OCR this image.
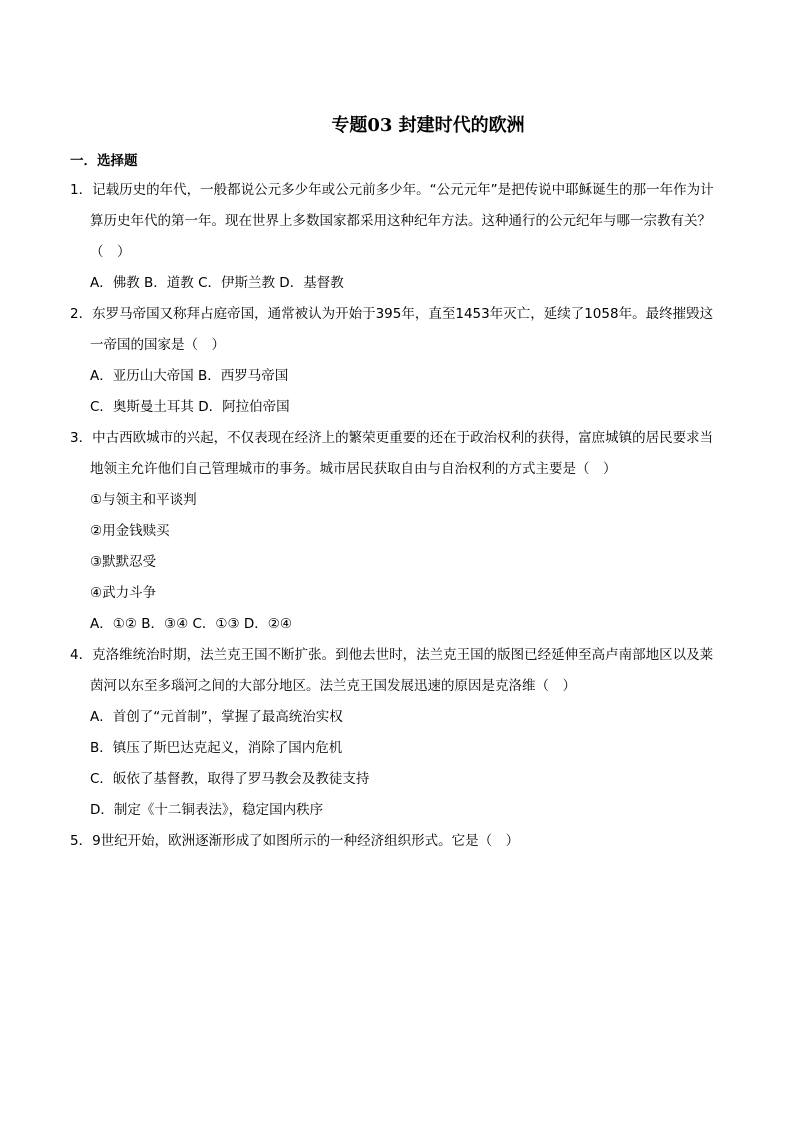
专题03 封建时代的欧洲
一．选择题

1．记载历史的年代，一般都说公元多少年或公元前多少年。“公元元年”是把传说中耶稣诞生的那一年作为计算历史年代的第一年。现在世界上多数国家都采用这种纪年方法。这种通行的公元纪年与哪一宗教有关？（　）

A．佛教 B．道教 C．伊斯兰教 D．基督教

2．东罗马帝国又称拜占庭帝国，通常被认为开始于395年，直至1453年灭亡，延续了1058年。最终摧毁这一帝国的国家是（　）

A．亚历山大帝国 B．西罗马帝国

C．奥斯曼土耳其 D．阿拉伯帝国

3．中古西欧城市的兴起，不仅表现在经济上的繁荣更重要的还在于政治权利的获得，富庶城镇的居民要求当地领主允许他们自己管理城市的事务。城市居民获取自由与自治权利的方式主要是（　）

①与领主和平谈判

②用金钱赎买

③默默忍受

④武力斗争

A．①② B．③④ C．①③ D．②④

4．克洛维统治时期，法兰克王国不断扩张。到他去世时，法兰克王国的版图已经延伸至高卢南部地区以及莱茵河以东至多瑙河之间的大部分地区。法兰克王国发展迅速的原因是克洛维（　）

A．首创了“元首制”，掌握了最高统治实权

B．镇压了斯巴达克起义，消除了国内危机

C．皈依了基督教，取得了罗马教会及教徒支持

D．制定《十二铜表法》，稳定国内秩序

5．9世纪开始，欧洲逐渐形成了如图所示的一种经济组织形式。它是（　）
